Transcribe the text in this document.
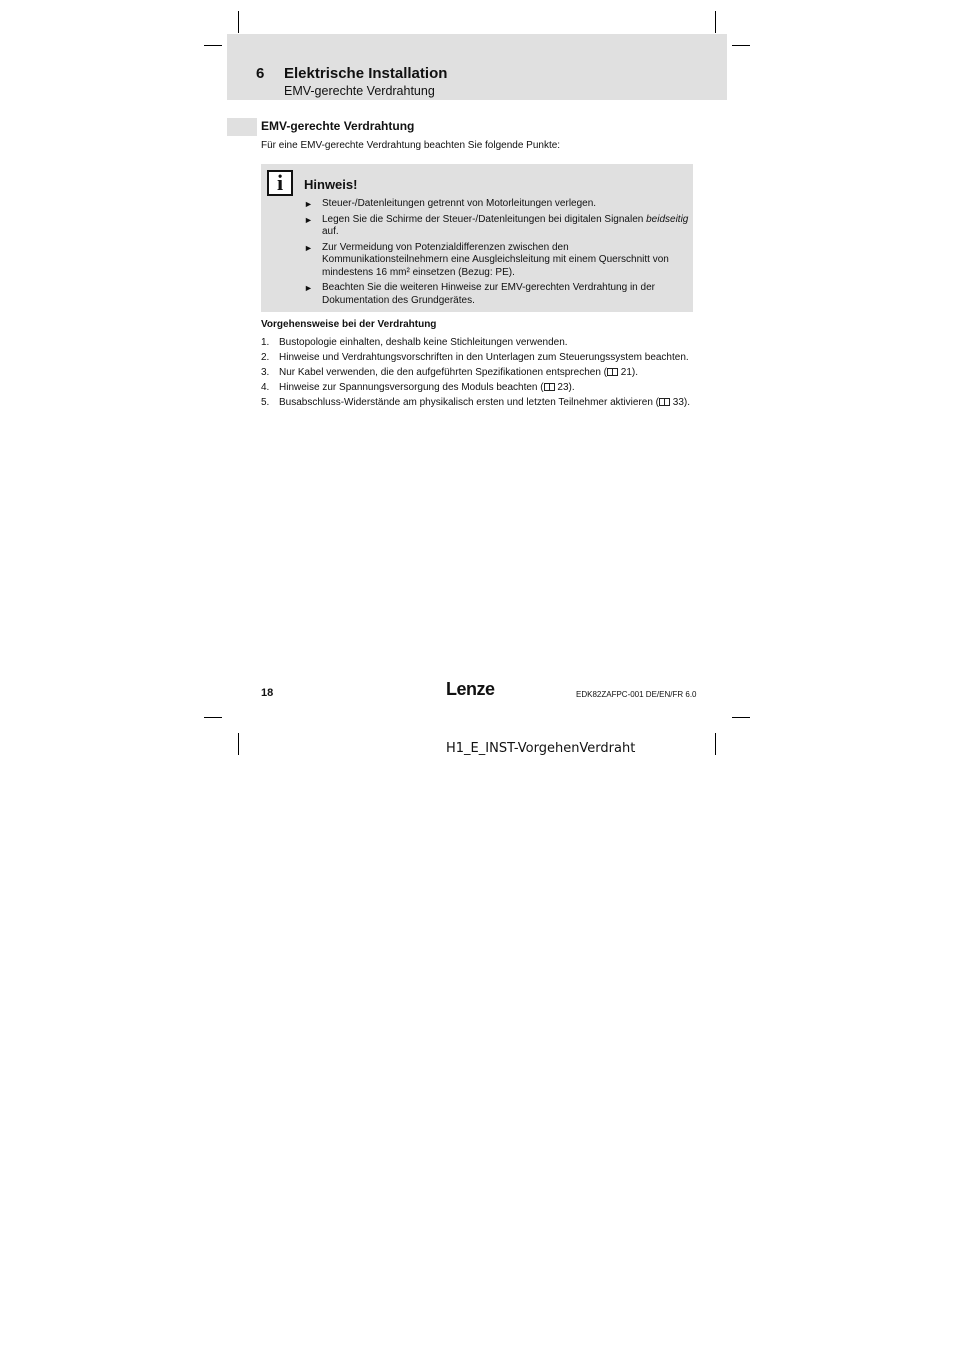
6 Elektrische Installation
EMV-gerechte Verdrahtung
EMV-gerechte Verdrahtung
Für eine EMV-gerechte Verdrahtung beachten Sie folgende Punkte:
i Hinweis!
► Steuer-/Datenleitungen getrennt von Motorleitungen verlegen.
► Legen Sie die Schirme der Steuer-/Datenleitungen bei digitalen Signalen beidseitig auf.
► Zur Vermeidung von Potenzialdifferenzen zwischen den Kommunikationsteilnehmern eine Ausgleichsleitung mit einem Querschnitt von mindestens 16 mm² einsetzen (Bezug: PE).
► Beachten Sie die weiteren Hinweise zur EMV-gerechten Verdrahtung in der Dokumentation des Grundgerätes.
Vorgehensweise bei der Verdrahtung
1. Bustopologie einhalten, deshalb keine Stichleitungen verwenden.
2. Hinweise und Verdrahtungsvorschriften in den Unterlagen zum Steuerungssystem beachten.
3. Nur Kabel verwenden, die den aufgeführten Spezifikationen entsprechen ( 21).
4. Hinweise zur Spannungsversorgung des Moduls beachten ( 23).
5. Busabschluss-Widerstände am physikalisch ersten und letzten Teilnehmer aktivieren ( 33).
18	Lenze	EDK82ZAFPC-001 DE/EN/FR 6.0
H1_E_INST-VorgehenVerdraht
